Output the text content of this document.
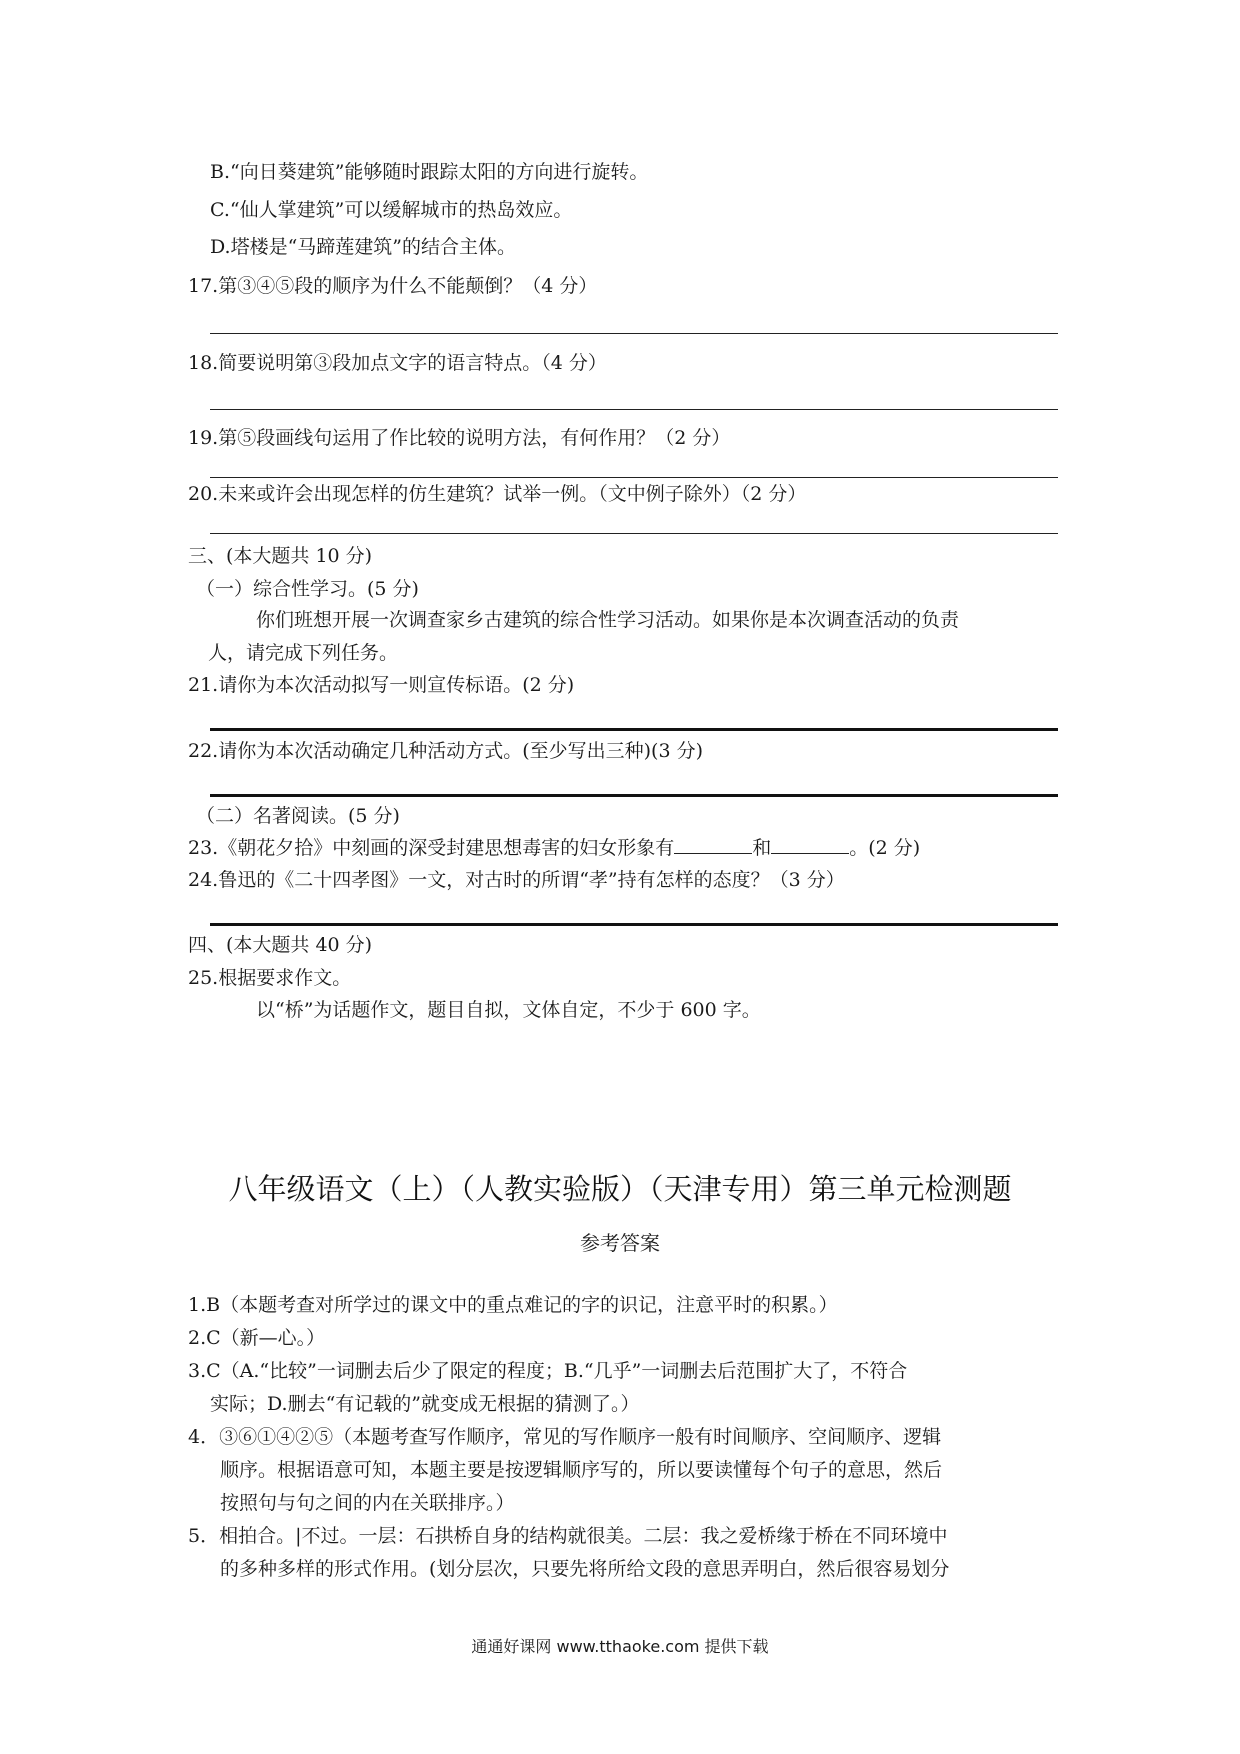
B.“向日葵建筑”能够随时跟踪太阳的方向进行旋转。
C.“仙人掌建筑”可以缓解城市的热岛效应。
D.塔楼是“马蹄莲建筑”的结合主体。
17.第③④⑤段的顺序为什么不能颠倒？（4 分）
18.简要说明第③段加点文字的语言特点。（4 分）
19.第⑤段画线句运用了作比较的说明方法，有何作用？（2 分）
20.未来或许会出现怎样的仿生建筑？试举一例。（文中例子除外）（2 分）
三、(本大题共 10 分)
（一）综合性学习。(5 分)
你们班想开展一次调查家乡古建筑的综合性学习活动。如果你是本次调查活动的负责
人，请完成下列任务。
21.请你为本次活动拟写一则宣传标语。(2 分)
22.请你为本次活动确定几种活动方式。(至少写出三种)(3 分)
（二）名著阅读。(5 分)
23.《朝花夕拾》中刻画的深受封建思想毒害的妇女形象有	和	。(2 分)
24.鲁迅的《二十四孝图》一文，对古时的所谓“孝”持有怎样的态度？（3 分）
四、(本大题共 40 分)
25.根据要求作文。
以“桥”为话题作文，题目自拟，文体自定，不少于 600 字。
八年级语文（上）（人教实验版）（天津专用）第三单元检测题
参考答案
1.B（本题考查对所学过的课文中的重点难记的字的识记，注意平时的积累。）
2.C（新—心。）
3.C（A.“比较”一词删去后少了限定的程度；B.“几乎”一词删去后范围扩大了，不符合
实际；D.删去“有记载的”就变成无根据的猜测了。）
4．③⑥①④②⑤（本题考查写作顺序，常见的写作顺序一般有时间顺序、空间顺序、逻辑
顺序。根据语意可知，本题主要是按逻辑顺序写的，所以要读懂每个句子的意思，然后
按照句与句之间的内在关联排序。）
5．相拍合。|不过。一层：石拱桥自身的结构就很美。二层：我之爱桥缘于桥在不同环境中
的多种多样的形式作用。(划分层次，只要先将所给文段的意思弄明白，然后很容易划分
通通好课网 www.tthaoke.com 提供下载
